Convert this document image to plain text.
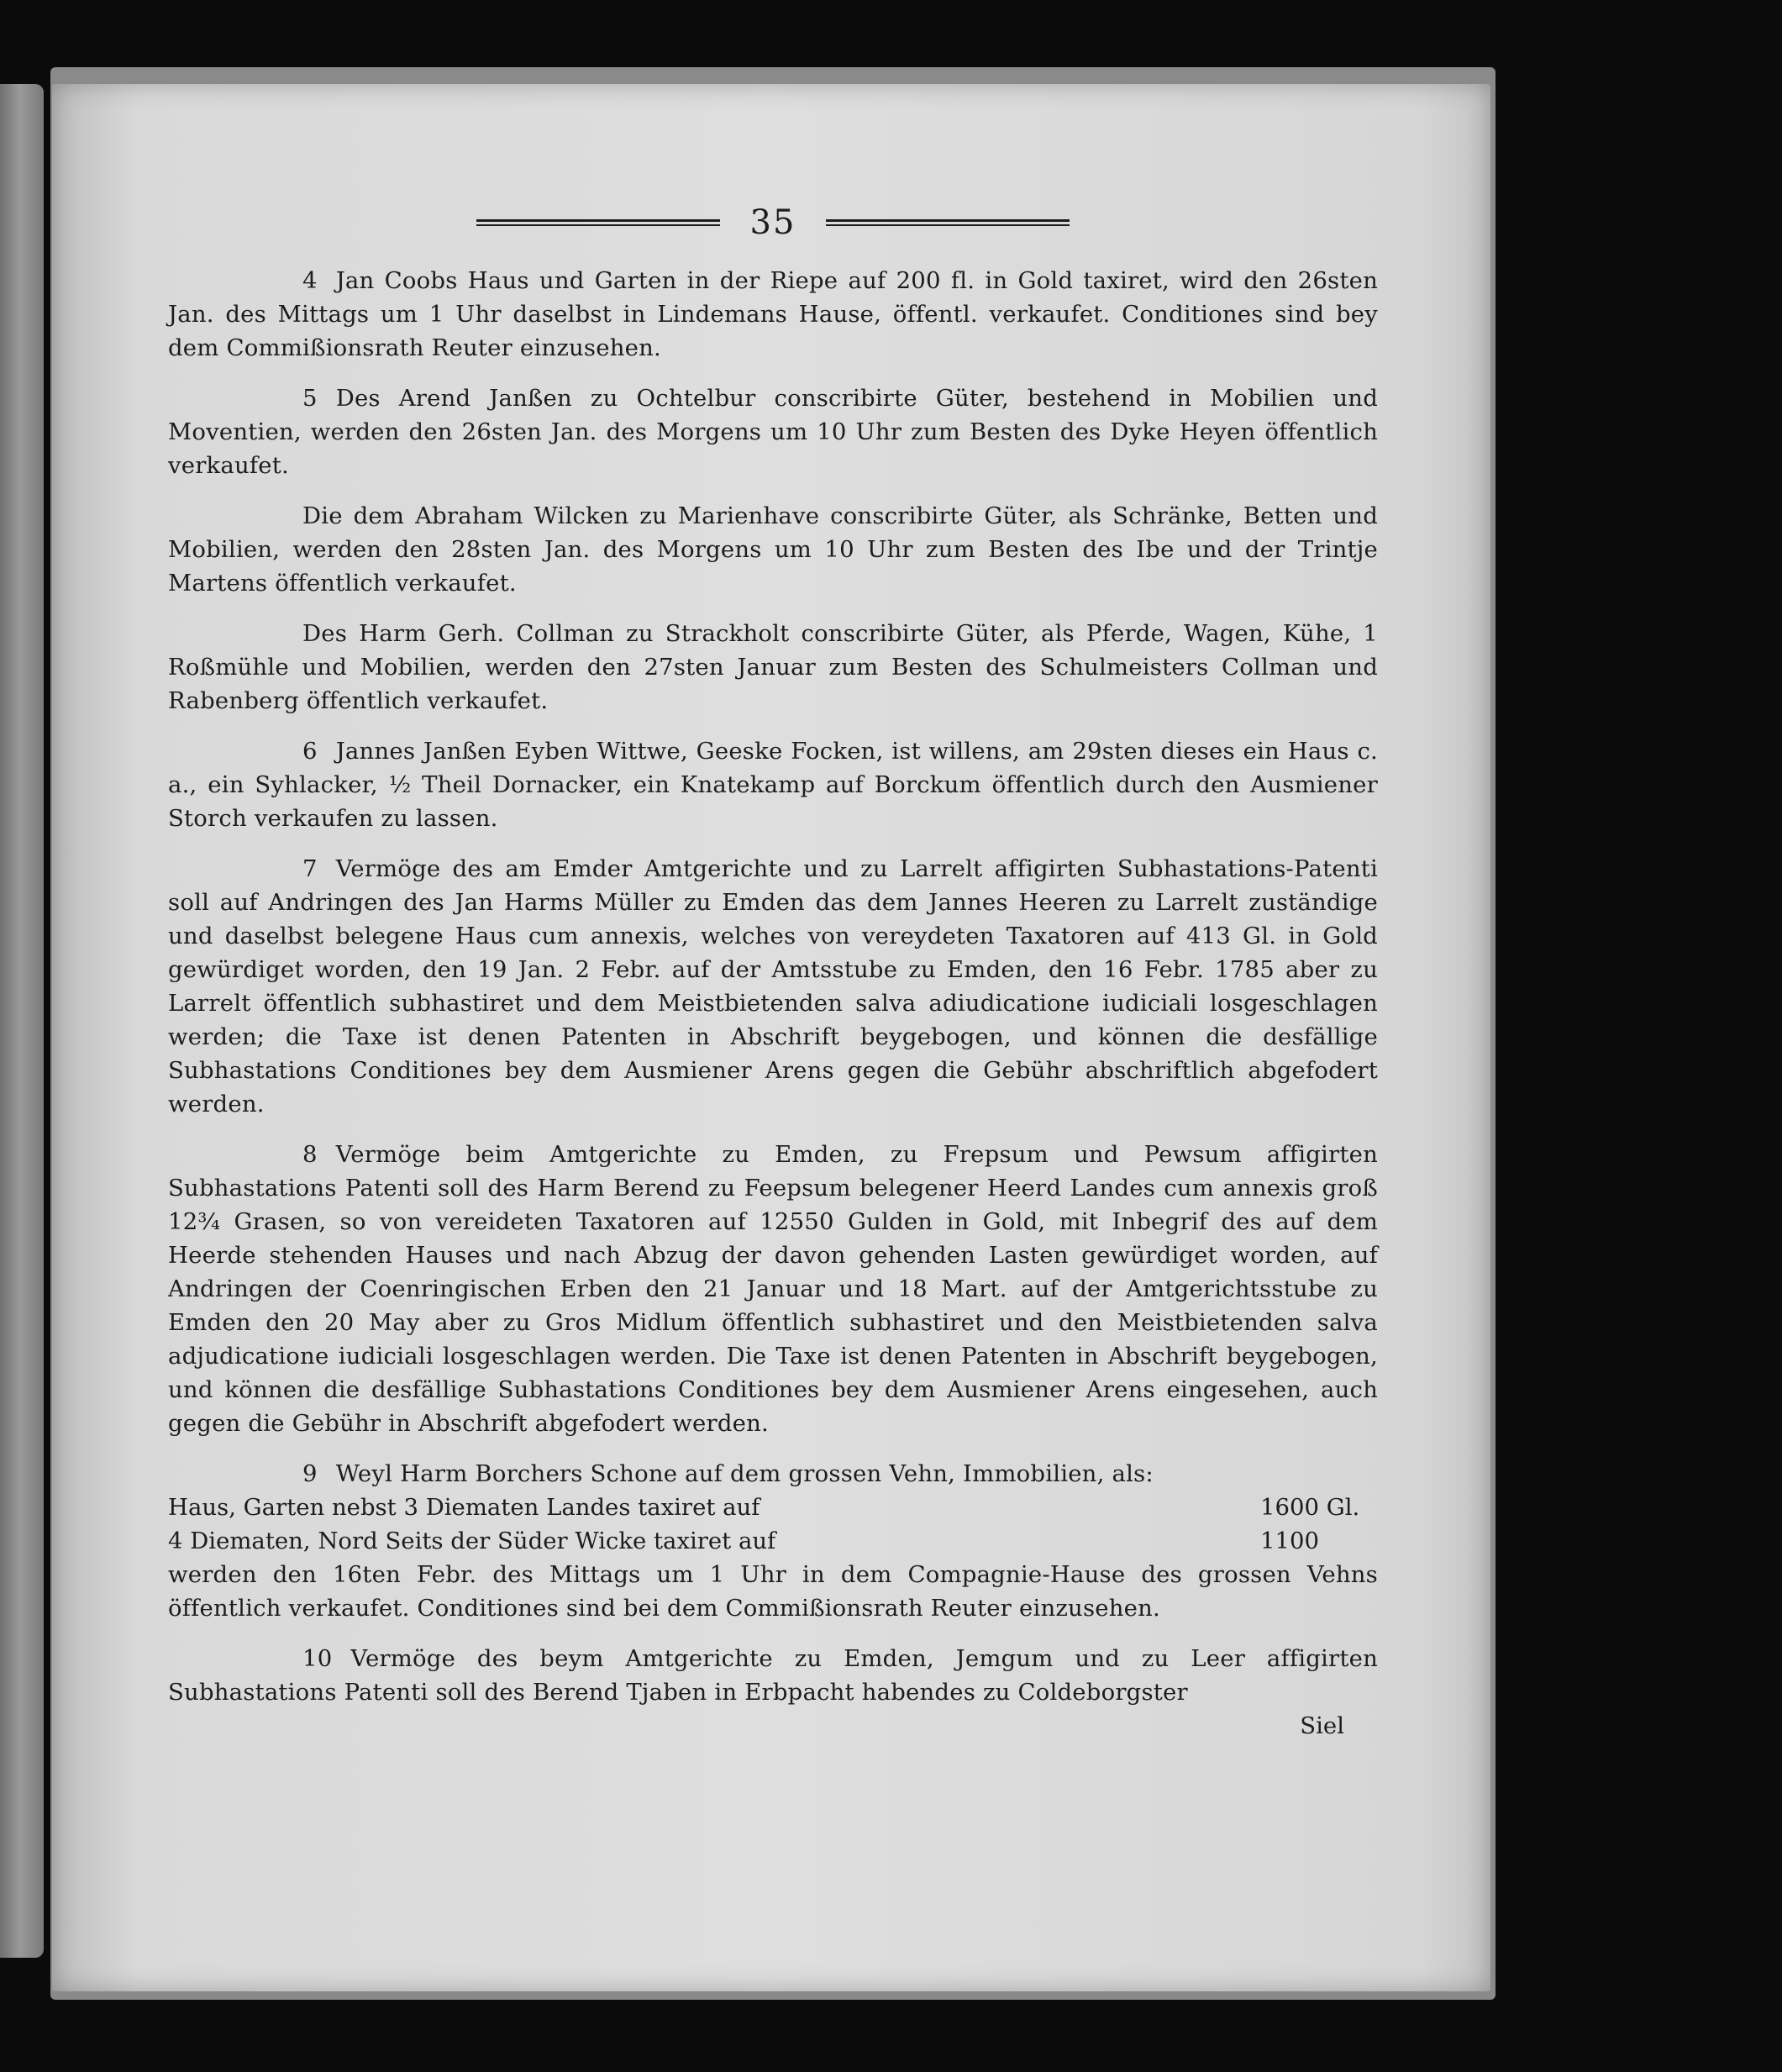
35

4 Jan Coobs Haus und Garten in der Riepe auf 200 fl. in Gold taxiret, wird den 26sten Jan. des Mittags um 1 Uhr daselbst in Lindemans Hause, öffentl. verkaufet. Conditiones sind bey dem Commißionsrath Reuter einzusehen.

5 Des Arend Janßen zu Ochtelbur conscribirte Güter, bestehend in Mobilien und Moventien, werden den 26sten Jan. des Morgens um 10 Uhr zum Besten des Dyke Heyen öffentlich verkaufet.

Die dem Abraham Wilcken zu Marienhave conscribirte Güter, als Schränke, Betten und Mobilien, werden den 28sten Jan. des Morgens um 10 Uhr zum Besten des Ibe und der Trintje Martens öffentlich verkaufet.

Des Harm Gerh. Collman zu Strackholt conscribirte Güter, als Pferde, Wagen, Kühe, 1 Roßmühle und Mobilien, werden den 27sten Januar zum Besten des Schulmeisters Collman und Rabenberg öffentlich verkaufet.

6 Jannes Janßen Eyben Wittwe, Geeske Focken, ist willens, am 29sten dieses ein Haus c. a., ein Syhlacker, ½ Theil Dornacker, ein Knatekamp auf Borckum öffentlich durch den Ausmiener Storch verkaufen zu lassen.

7 Vermöge des am Emder Amtgerichte und zu Larrelt affigirten Subhastations-Patenti soll auf Andringen des Jan Harms Müller zu Emden das dem Jannes Heeren zu Larrelt zuständige und daselbst belegene Haus cum annexis, welches von vereydeten Taxatoren auf 413 Gl. in Gold gewürdiget worden, den 19 Jan. 2 Febr. auf der Amtsstube zu Emden, den 16 Febr. 1785 aber zu Larrelt öffentlich subhastiret und dem Meistbietenden salva adiudicatione iudiciali losgeschlagen werden; die Taxe ist denen Patenten in Abschrift beygebogen, und können die desfällige Subhastations Conditiones bey dem Ausmiener Arens gegen die Gebühr abschriftlich abgefodert werden.

8 Vermöge beim Amtgerichte zu Emden, zu Frepsum und Pewsum affigirten Subhastations Patenti soll des Harm Berend zu Feepsum belegener Heerd Landes cum annexis groß 12¾ Grasen, so von vereideten Taxatoren auf 12550 Gulden in Gold, mit Inbegrif des auf dem Heerde stehenden Hauses und nach Abzug der davon gehenden Lasten gewürdiget worden, auf Andringen der Coenringischen Erben den 21 Januar und 18 Mart. auf der Amtgerichtsstube zu Emden den 20 May aber zu Gros Midlum öffentlich subhastiret und den Meistbietenden salva adjudicatione iudiciali losgeschlagen werden. Die Taxe ist denen Patenten in Abschrift beygebogen, und können die desfällige Subhastations Conditiones bey dem Ausmiener Arens eingesehen, auch gegen die Gebühr in Abschrift abgefodert werden.

9 Weyl Harm Borchers Schone auf dem grossen Vehn, Immobilien, als:

Haus, Garten nebst 3 Diematen Landes taxiret auf	1600 Gl.
4 Diematen, Nord Seits der Süder Wicke taxiret auf	1100

werden den 16ten Febr. des Mittags um 1 Uhr in dem Compagnie-Hause des grossen Vehns öffentlich verkaufet. Conditiones sind bei dem Commißionsrath Reuter einzusehen.

10 Vermöge des beym Amtgerichte zu Emden, Jemgum und zu Leer affigirten Subhastations Patenti soll des Berend Tjaben in Erbpacht habendes zu Coldeborgster

Siel
